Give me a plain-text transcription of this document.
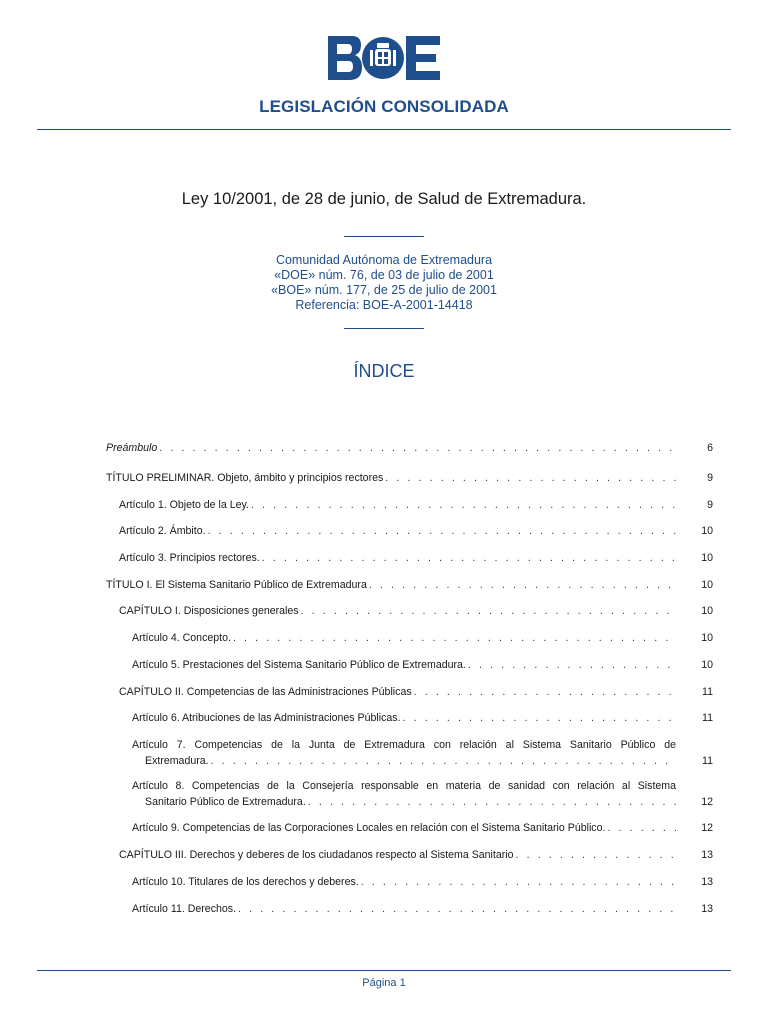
LEGISLACIÓN CONSOLIDADA
Ley 10/2001, de 28 de junio, de Salud de Extremadura.
Comunidad Autónoma de Extremadura
«DOE» núm. 76, de 03 de julio de 2001
«BOE» núm. 177, de 25 de julio de 2001
Referencia: BOE-A-2001-14418
ÍNDICE
Preámbulo . . .	6
TÍTULO PRELIMINAR. Objeto, ámbito y principios rectores . . .	9
Artículo 1. Objeto de la Ley. . . .	9
Artículo 2. Ámbito. . . .	10
Artículo 3. Principios rectores. . . .	10
TÍTULO I. El Sistema Sanitario Público de Extremadura . . .	10
CAPÍTULO I. Disposiciones generales . . .	10
Artículo 4. Concepto. . . .	10
Artículo 5. Prestaciones del Sistema Sanitario Público de Extremadura. . . .	10
CAPÍTULO II. Competencias de las Administraciones Públicas . . .	11
Artículo 6. Atribuciones de las Administraciones Públicas. . . .	11
Artículo 7. Competencias de la Junta de Extremadura con relación al Sistema Sanitario Público de
Extremadura. . . .	11
Artículo 8. Competencias de la Consejería responsable en materia de sanidad con relación al Sistema
Sanitario Público de Extremadura. . . .	12
Artículo 9. Competencias de las Corporaciones Locales en relación con el Sistema Sanitario Público. . . .	12
CAPÍTULO III. Derechos y deberes de los ciudadanos respecto al Sistema Sanitario . . .	13
Artículo 10. Titulares de los derechos y deberes. . . .	13
Artículo 11. Derechos. . . .	13
Página 1
